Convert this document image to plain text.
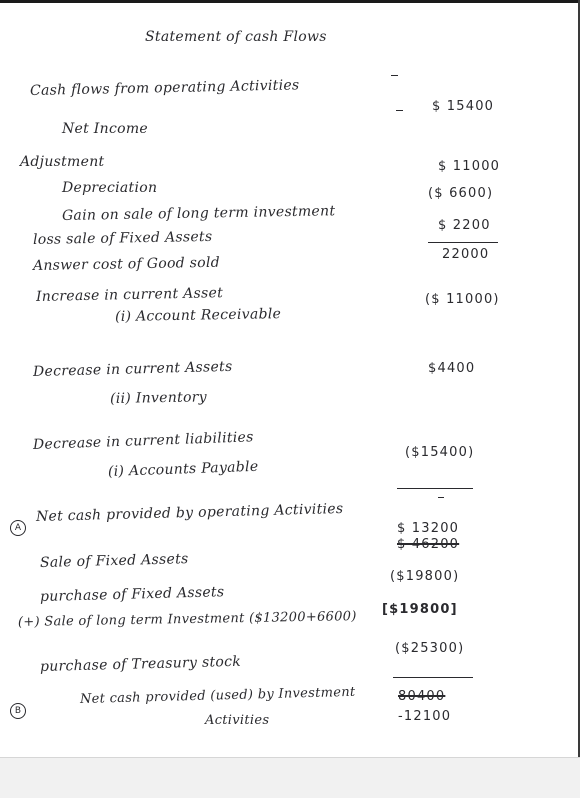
Statement of cash Flows
Cash flows from operating Activities
Net Income
$ 15400
Adjustment
Depreciation
$ 11000
Gain on sale of long term investment
($ 6600)
loss sale of Fixed Assets
$ 2200
Answer cost of Good sold
22000
Increase in current Asset
(i) Account Receivable
($ 11000)
Decrease in current Assets	$4400
(ii) Inventory
Decrease in current liabilities
(i) Accounts Payable
($15400)
A
Net cash provided by operating Activities
$ 13200
$ 46200
Sale of Fixed Assets
purchase of Fixed Assets
($19800)
(+) Sale of long term Investment ($13200+6600) [$19800]
purchase of Treasury stock
($25300)
B
Net cash provided (used) by Investment
Activities
80400
-12100
